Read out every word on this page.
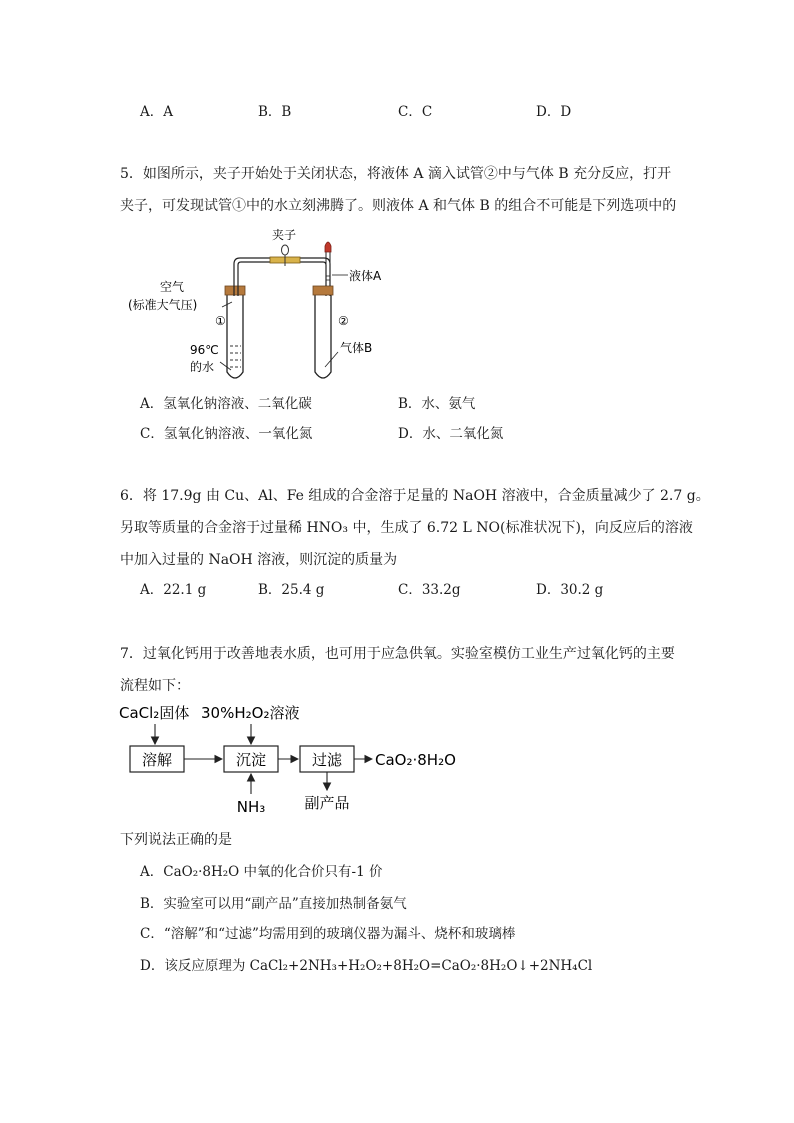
A．A	B．B	C．C	D．D
5．如图所示，夹子开始处于关闭状态，将液体 A 滴入试管②中与气体 B 充分反应，打开
夹子，可发现试管①中的水立刻沸腾了。则液体 A 和气体 B 的组合不可能是下列选项中的
夹子
液体A
空气
(标准大气压)
①	②
96℃
的水
气体B
A．氢氧化钠溶液、二氧化碳	B．水、氨气
C．氢氧化钠溶液、一氧化氮	D．水、二氧化氮
6．将 17.9g 由 Cu、Al、Fe 组成的合金溶于足量的 NaOH 溶液中，合金质量减少了 2.7 g。
另取等质量的合金溶于过量稀 HNO₃ 中，生成了 6.72 L NO(标准状况下)，向反应后的溶液
中加入过量的 NaOH 溶液，则沉淀的质量为
A．22.1 g	B．25.4 g	C．33.2g	D．30.2 g
7．过氧化钙用于改善地表水质，也可用于应急供氧。实验室模仿工业生产过氧化钙的主要
流程如下：
CaCl₂固体 30%H₂O₂溶液
溶解	沉淀	过滤 CaO₂·8H₂O
NH₃	副产品
下列说法正确的是
A．CaO₂·8H₂O 中氧的化合价只有-1 价
B．实验室可以用“副产品”直接加热制备氨气
C．“溶解”和“过滤”均需用到的玻璃仪器为漏斗、烧杯和玻璃棒
D．该反应原理为 CaCl₂+2NH₃+H₂O₂+8H₂O=CaO₂·8H₂O↓+2NH₄Cl
